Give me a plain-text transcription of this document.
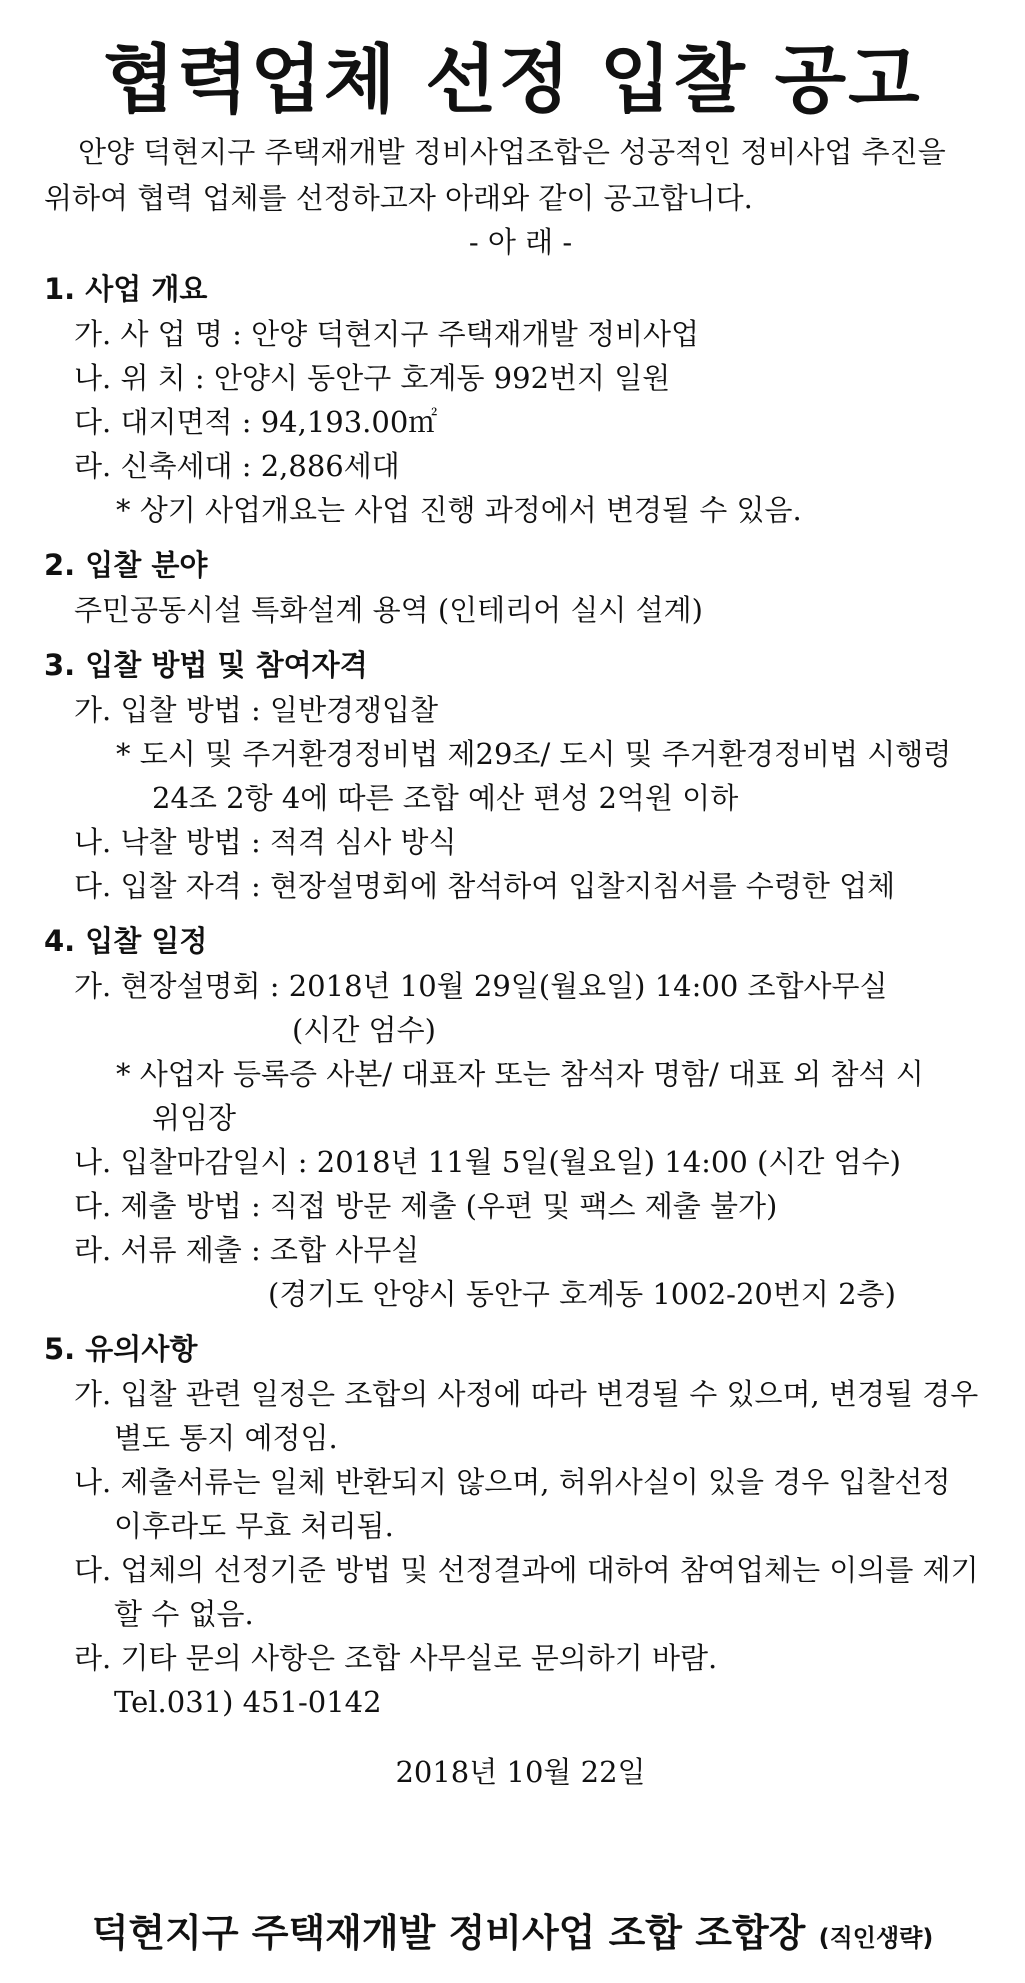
협력업체 선정 입찰 공고
안양 덕현지구 주택재개발 정비사업조합은 성공적인 정비사업 추진을
위하여 협력 업체를 선정하고자 아래와 같이 공고합니다.
- 아 래 -
1. 사업 개요
가. 사 업 명 : 안양 덕현지구 주택재개발 정비사업
나. 위 치 : 안양시 동안구 호계동 992번지 일원
다. 대지면적 : 94,193.00㎡
라. 신축세대 : 2,886세대
* 상기 사업개요는 사업 진행 과정에서 변경될 수 있음.
2. 입찰 분야
주민공동시설 특화설계 용역 (인테리어 실시 설계)
3. 입찰 방법 및 참여자격
가. 입찰 방법 : 일반경쟁입찰
* 도시 및 주거환경정비법 제29조/ 도시 및 주거환경정비법 시행령
24조 2항 4에 따른 조합 예산 편성 2억원 이하
나. 낙찰 방법 : 적격 심사 방식
다. 입찰 자격 : 현장설명회에 참석하여 입찰지침서를 수령한 업체
4. 입찰 일정
가. 현장설명회 : 2018년 10월 29일(월요일) 14:00 조합사무실
(시간 엄수)
* 사업자 등록증 사본/ 대표자 또는 참석자 명함/ 대표 외 참석 시
위임장
나. 입찰마감일시 : 2018년 11월 5일(월요일) 14:00 (시간 엄수)
다. 제출 방법 : 직접 방문 제출 (우편 및 팩스 제출 불가)
라. 서류 제출 : 조합 사무실
(경기도 안양시 동안구 호계동 1002-20번지 2층)
5. 유의사항
가. 입찰 관련 일정은 조합의 사정에 따라 변경될 수 있으며, 변경될 경우
별도 통지 예정임.
나. 제출서류는 일체 반환되지 않으며, 허위사실이 있을 경우 입찰선정
이후라도 무효 처리됨.
다. 업체의 선정기준 방법 및 선정결과에 대하여 참여업체는 이의를 제기
할 수 없음.
라. 기타 문의 사항은 조합 사무실로 문의하기 바람.
Tel.031) 451-0142
2018년 10월 22일
덕현지구 주택재개발 정비사업 조합 조합장 (직인생략)
